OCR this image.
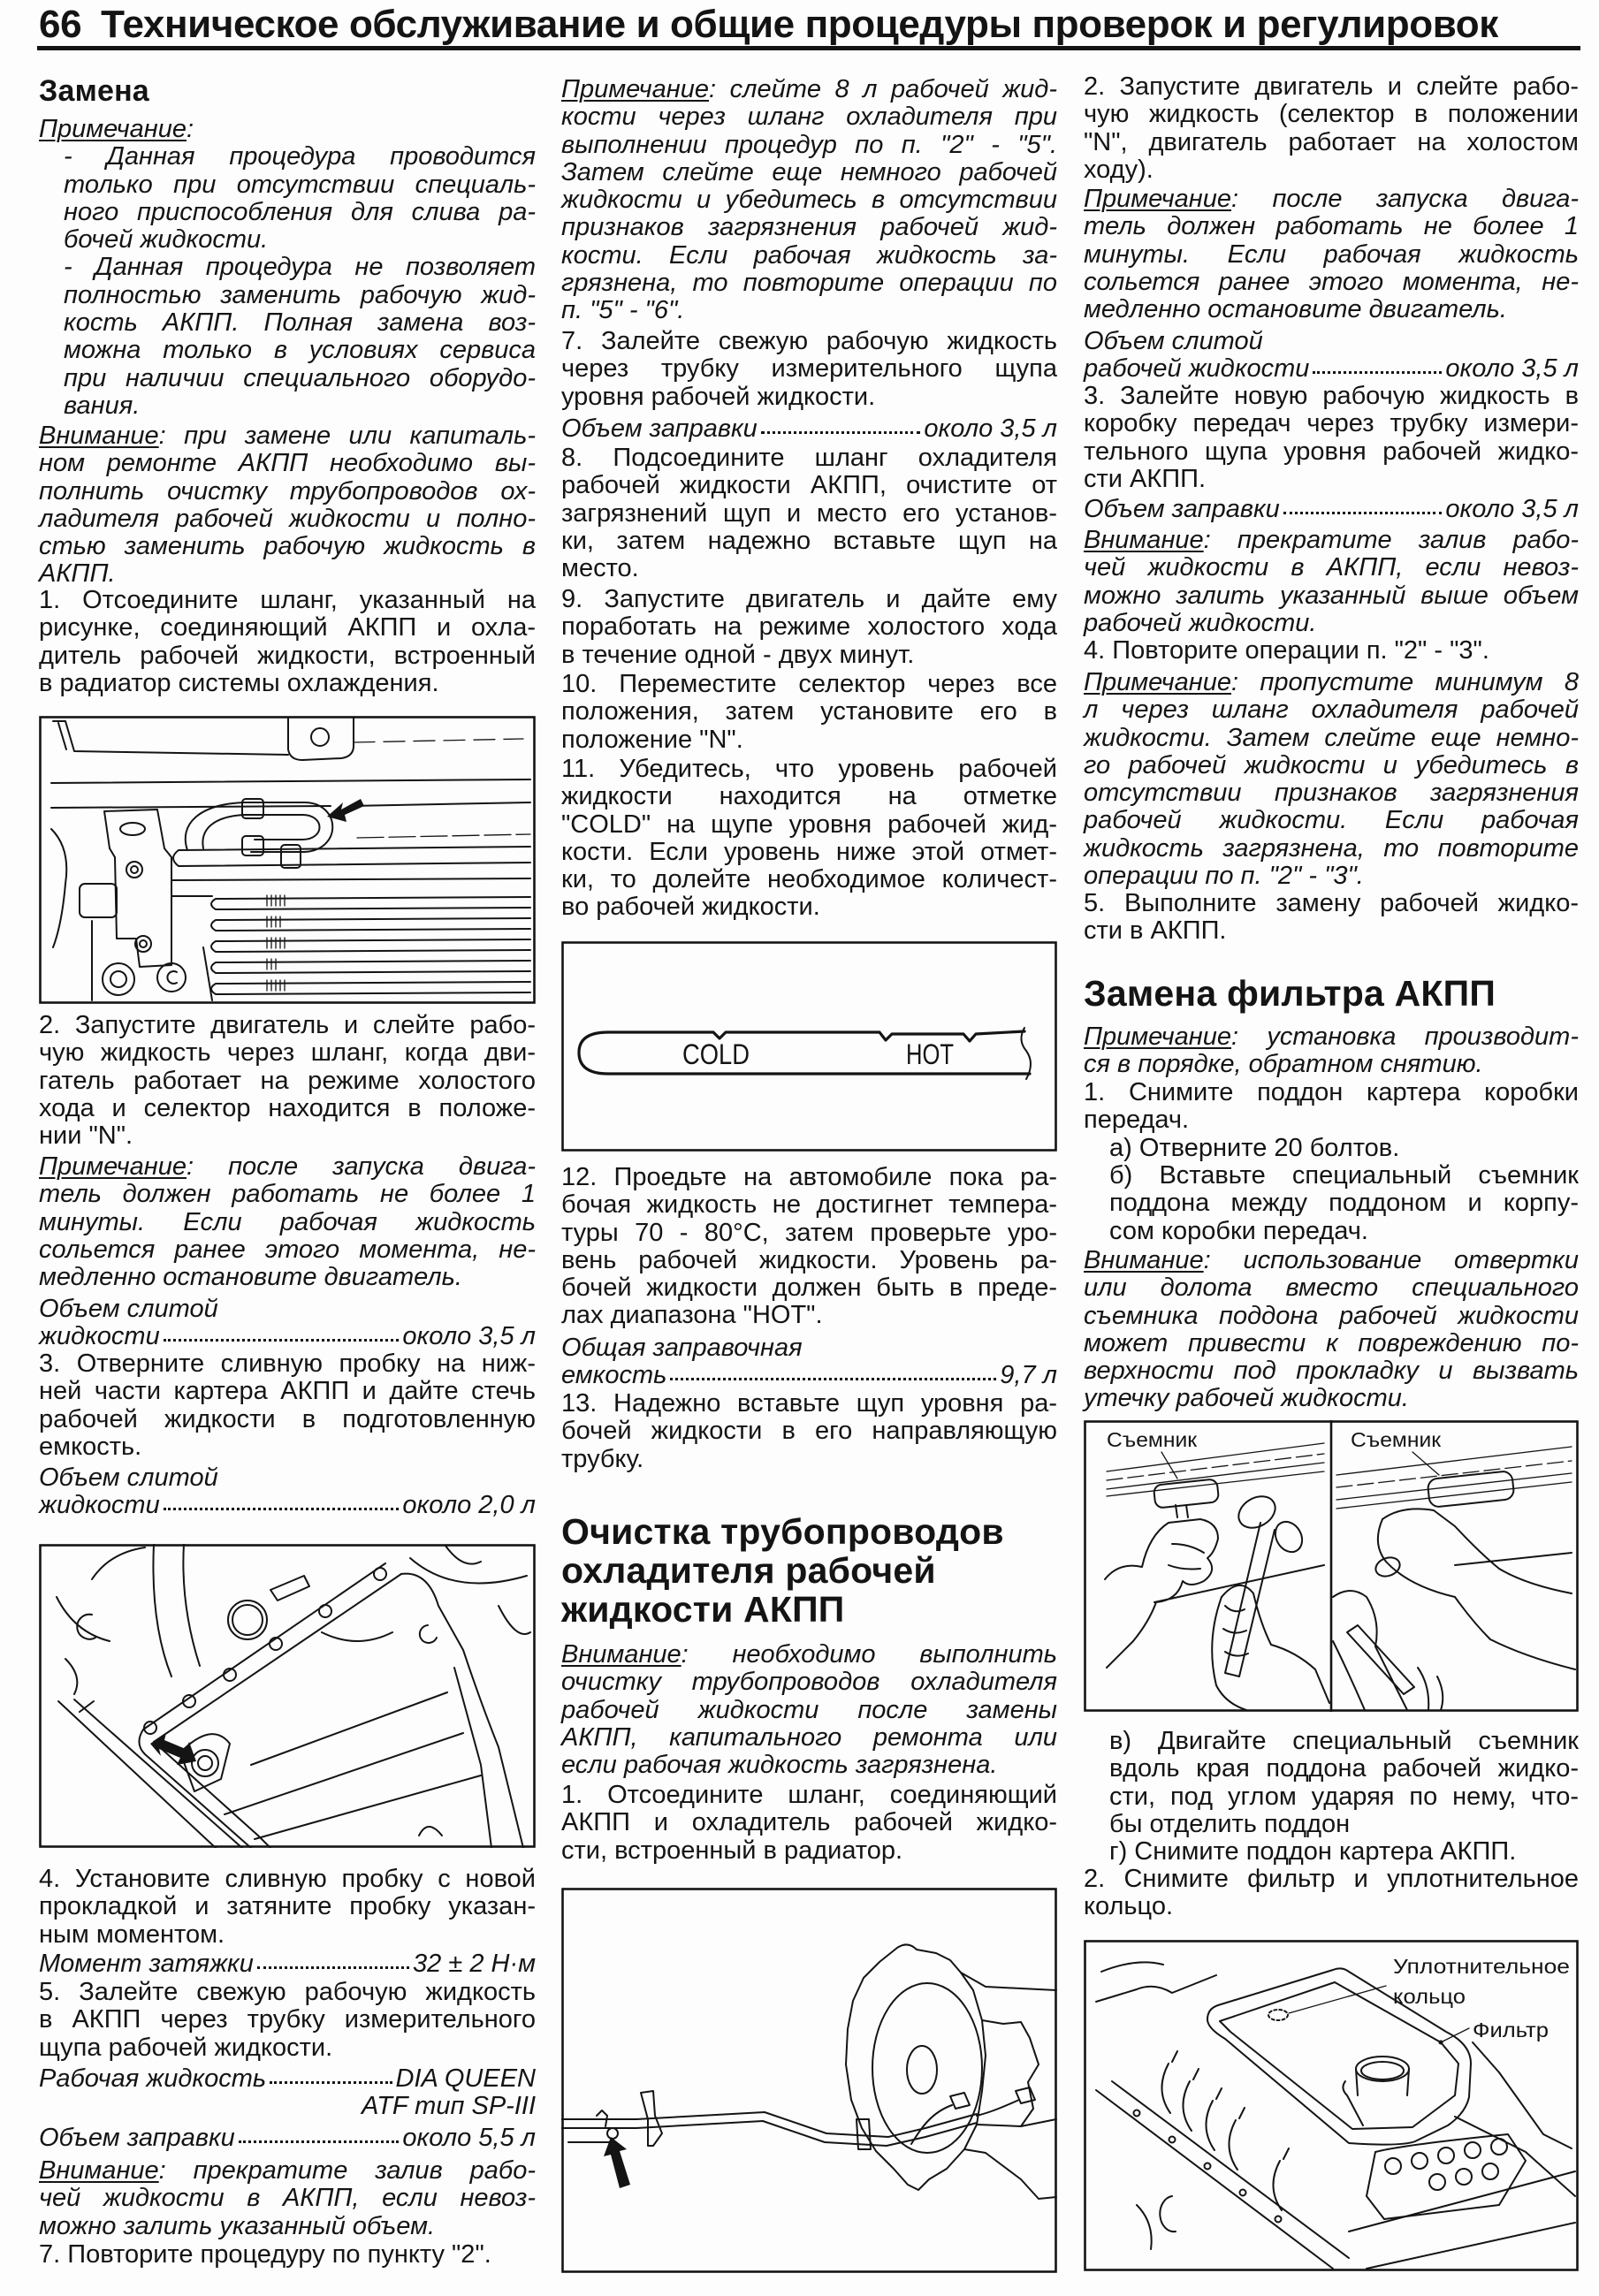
66 Техническое обслуживание и общие процедуры проверок и регулировок
Замена
Примечание:
- Данная процедура проводится
только при отсутствии специаль-
ного приспособления для слива ра-
бочей жидкости.
- Данная процедура не позволяет
полностью заменить рабочую жид-
кость АКПП. Полная замена воз-
можна только в условиях сервиса
при наличии специального оборудо-
вания.
Внимание: при замене или капиталь-
ном ремонте АКПП необходимо вы-
полнить очистку трубопроводов ох-
ладителя рабочей жидкости и полно-
стью заменить рабочую жидкость в
АКПП.
1. Отсоедините шланг, указанный на
рисунке, соединяющий АКПП и охла-
дитель рабочей жидкости, встроенный
в радиатор системы охлаждения.
2. Запустите двигатель и слейте рабо-
чую жидкость через шланг, когда дви-
гатель работает на режиме холостого
хода и селектор находится в положе-
нии "N".
Примечание: после запуска двига-
тель должен работать не более 1
минуты. Если рабочая жидкость
сольется ранее этого момента, не-
медленно остановите двигатель.
Объем слитой
жидкости	около 3,5 л
3. Отверните сливную пробку на ниж-
ней части картера АКПП и дайте стечь
рабочей жидкости в подготовленную
емкость.
Объем слитой
жидкости	около 2,0 л
4. Установите сливную пробку с новой
прокладкой и затяните пробку указан-
ным моментом.
Момент затяжки	32 ± 2 Н·м
5. Залейте свежую рабочую жидкость
в АКПП через трубку измерительного
щупа рабочей жидкости.
Рабочая жидкость	DIA QUEEN
ATF тип SP-III
Объем заправки	около 5,5 л
Внимание: прекратите залив рабо-
чей жидкости в АКПП, если невоз-
можно залить указанный объем.
7. Повторите процедуру по пункту "2".
Примечание: слейте 8 л рабочей жид-
кости через шланг охладителя при
выполнении процедур по п. "2" - "5".
Затем слейте еще немного рабочей
жидкости и убедитесь в отсутствии
признаков загрязнения рабочей жид-
кости. Если рабочая жидкость за-
грязнена, то повторите операции по
п. "5" - "6".
7. Залейте свежую рабочую жидкость
через трубку измерительного щупа
уровня рабочей жидкости.
Объем заправки	около 3,5 л
8. Подсоедините шланг охладителя
рабочей жидкости АКПП, очистите от
загрязнений щуп и место его установ-
ки, затем надежно вставьте щуп на
место.
9. Запустите двигатель и дайте ему
поработать на режиме холостого хода
в течение одной - двух минут.
10. Переместите селектор через все
положения, затем установите его в
положение "N".
11. Убедитесь, что уровень рабочей
жидкости находится на отметке
"COLD" на щупе уровня рабочей жид-
кости. Если уровень ниже этой отмет-
ки, то долейте необходимое количест-
во рабочей жидкости.
12. Проедьте на автомобиле пока ра-
бочая жидкость не достигнет темпера-
туры 70 - 80°C, затем проверьте уро-
вень рабочей жидкости. Уровень ра-
бочей жидкости должен быть в преде-
лах диапазона "HOT".
Общая заправочная
емкость	9,7 л
13. Надежно вставьте щуп уровня ра-
бочей жидкости в его направляющую
трубку.
Очистка трубопроводов
охладителя рабочей
жидкости АКПП
Внимание: необходимо выполнить
очистку трубопроводов охладителя
рабочей жидкости после замены
АКПП, капитального ремонта или
если рабочая жидкость загрязнена.
1. Отсоедините шланг, соединяющий
АКПП и охладитель рабочей жидко-
сти, встроенный в радиатор.
2. Запустите двигатель и слейте рабо-
чую жидкость (селектор в положении
"N", двигатель работает на холостом
ходу).
Примечание: после запуска двига-
тель должен работать не более 1
минуты. Если рабочая жидкость
сольется ранее этого момента, не-
медленно остановите двигатель.
Объем слитой
рабочей жидкости	около 3,5 л
3. Залейте новую рабочую жидкость в
коробку передач через трубку измери-
тельного щупа уровня рабочей жидко-
сти АКПП.
Объем заправки	около 3,5 л
Внимание: прекратите залив рабо-
чей жидкости в АКПП, если невоз-
можно залить указанный выше объем
рабочей жидкости.
4. Повторите операции п. "2" - "3".
Примечание: пропустите минимум 8
л через шланг охладителя рабочей
жидкости. Затем слейте еще немно-
го рабочей жидкости и убедитесь в
отсутствии признаков загрязнения
рабочей жидкости. Если рабочая
жидкость загрязнена, то повторите
операции по п. "2" - "3".
5. Выполните замену рабочей жидко-
сти в АКПП.
Замена фильтра АКПП
Примечание: установка производит-
ся в порядке, обратном снятию.
1. Снимите поддон картера коробки
передач.
а) Отверните 20 болтов.
б) Вставьте специальный съемник
поддона между поддоном и корпу-
сом коробки передач.
Внимание: использование отвертки
или долота вместо специального
съемника поддона рабочей жидкости
может привести к повреждению по-
верхности под прокладку и вызвать
утечку рабочей жидкости.
в) Двигайте специальный съемник
вдоль края поддона рабочей жидко-
сти, под углом ударяя по нему, что-
бы отделить поддон
г) Снимите поддон картера АКПП.
2. Снимите фильтр и уплотнительное
кольцо.
COLD	HOT
Съемник	Съемник
Уплотнительное
кольцо
Фильтр
